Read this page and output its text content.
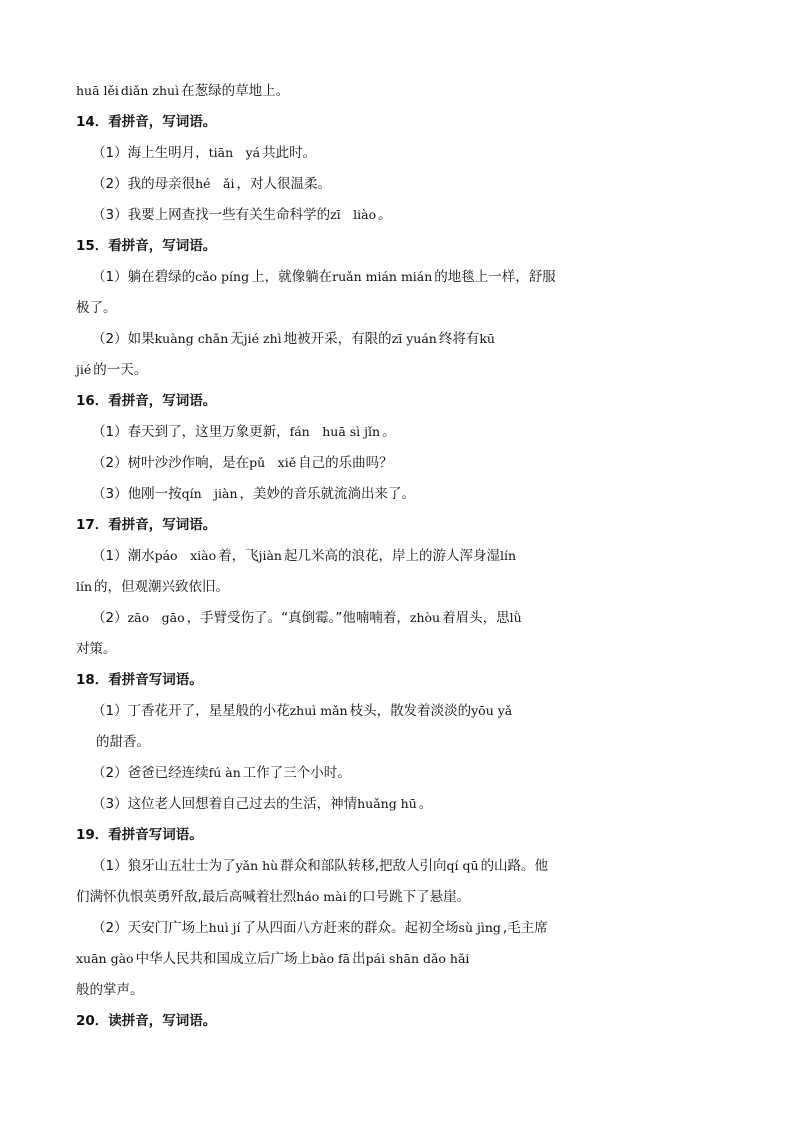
huā lěi diǎn zhuì 在葱绿的草地上。
14．看拼音，写词语。
（1）海上生明月，tiān　yá 共此时。
（2）我的母亲很hé　ǎi ，对人很温柔。
（3）我要上网查找一些有关生命科学的zī　liào 。
15．看拼音，写词语。
（1）躺在碧绿的cǎo píng 上，就像躺在ruǎn mián mián 的地毯上一样，舒服
极了。
（2）如果kuàng chǎn 无jié zhì 地被开采，有限的zī yuán 终将有kū
jié 的一天。
16．看拼音，写词语。
（1）春天到了，这里万象更新，fán　huā sì jǐn 。
（2）树叶沙沙作响，是在pǔ　xiě 自己的乐曲吗？
（3）他刚一按qín　jiàn ，美妙的音乐就流淌出来了。
17．看拼音，写词语。
（1）潮水páo　xiào 着，飞jiàn 起几米高的浪花，岸上的游人浑身湿lín
lín 的，但观潮兴致依旧。
（2）zāo　gāo ，手臂受伤了。“真倒霉。”他喃喃着，zhòu 着眉头，思lǜ
对策。
18．看拼音写词语。
（1）丁香花开了，星星般的小花zhuì mǎn 枝头，散发着淡淡的yōu yǎ
的甜香。
（2）爸爸已经连续fú àn 工作了三个小时。
（3）这位老人回想着自己过去的生活，神情huǎng hū 。
19．看拼音写词语。
（1）狼牙山五壮士为了yǎn hù 群众和部队转移,把敌人引向qí qū 的山路。他
们满怀仇恨英勇歼敌,最后高喊着壮烈háo mài 的口号跳下了悬崖。
（2）天安门广场上huì jí 了从四面八方赶来的群众。起初全场sù jìng ,毛主席
xuān gào 中华人民共和国成立后广场上bào fā 出pái shān dǎo hǎi
般的掌声。
20．读拼音，写词语。
